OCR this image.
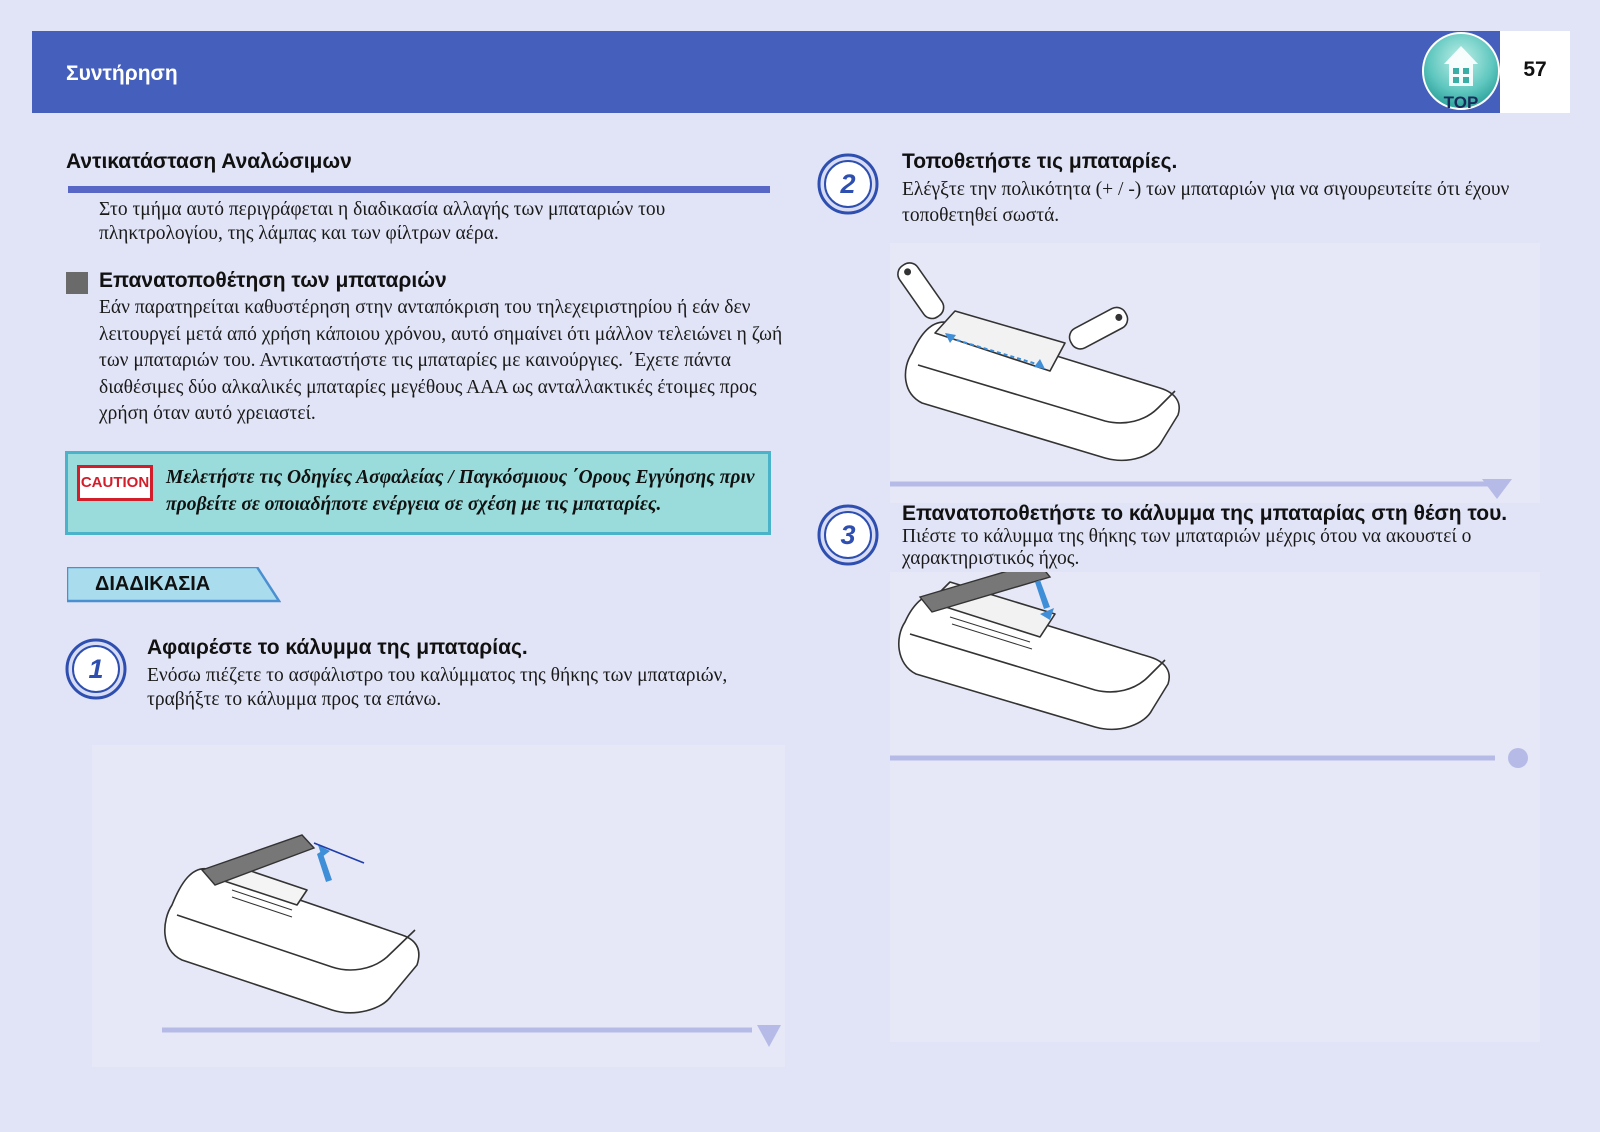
Συντήρηση	57
TOP
Αντικατάσταση Αναλώσιμων
Στο τμήμα αυτό περιγράφεται η διαδικασία αλλαγής των μπαταριών του πληκτρολογίου, της λάμπας και των φίλτρων αέρα.
Επανατοποθέτηση των μπαταριών
Εάν παρατηρείται καθυστέρηση στην ανταπόκριση του τηλεχειριστηρίου ή εάν δεν λειτουργεί μετά από χρήση κάποιου χρόνου, αυτό σημαίνει ότι μάλλον τελειώνει η ζωή των μπαταριών του. Αντικαταστήστε τις μπαταρίες με καινούργιες. ΄Εχετε πάντα διαθέσιμες δύο αλκαλικές μπαταρίες μεγέθους ΑΑΑ ως ανταλλακτικές έτοιμες προς χρήση όταν αυτό χρειαστεί.
CAUTION Μελετήστε τις Οδηγίες Ασφαλείας / Παγκόσμιους ΄Ορους Εγγύησης πριν προβείτε σε οποιαδήποτε ενέργεια σε σχέση με τις μπαταρίες.
ΔΙΑΔΙΚΑΣΙΑ
1
Αφαιρέστε το κάλυμμα της μπαταρίας.
Ενόσω πιέζετε το ασφάλιστρο του καλύμματος της θήκης των μπαταριών, τραβήξτε το κάλυμμα προς τα επάνω.
2
Τοποθετήστε τις μπαταρίες.
Ελέγξτε την πολικότητα (+ / -) των μπαταριών για να σιγουρευτείτε ότι έχουν τοποθετηθεί σωστά.
3
Επανατοποθετήστε το κάλυμμα της μπαταρίας στη θέση του.
Πιέστε το κάλυμμα της θήκης των μπαταριών μέχρις ότου να ακουστεί ο χαρακτηριστικός ήχος.
